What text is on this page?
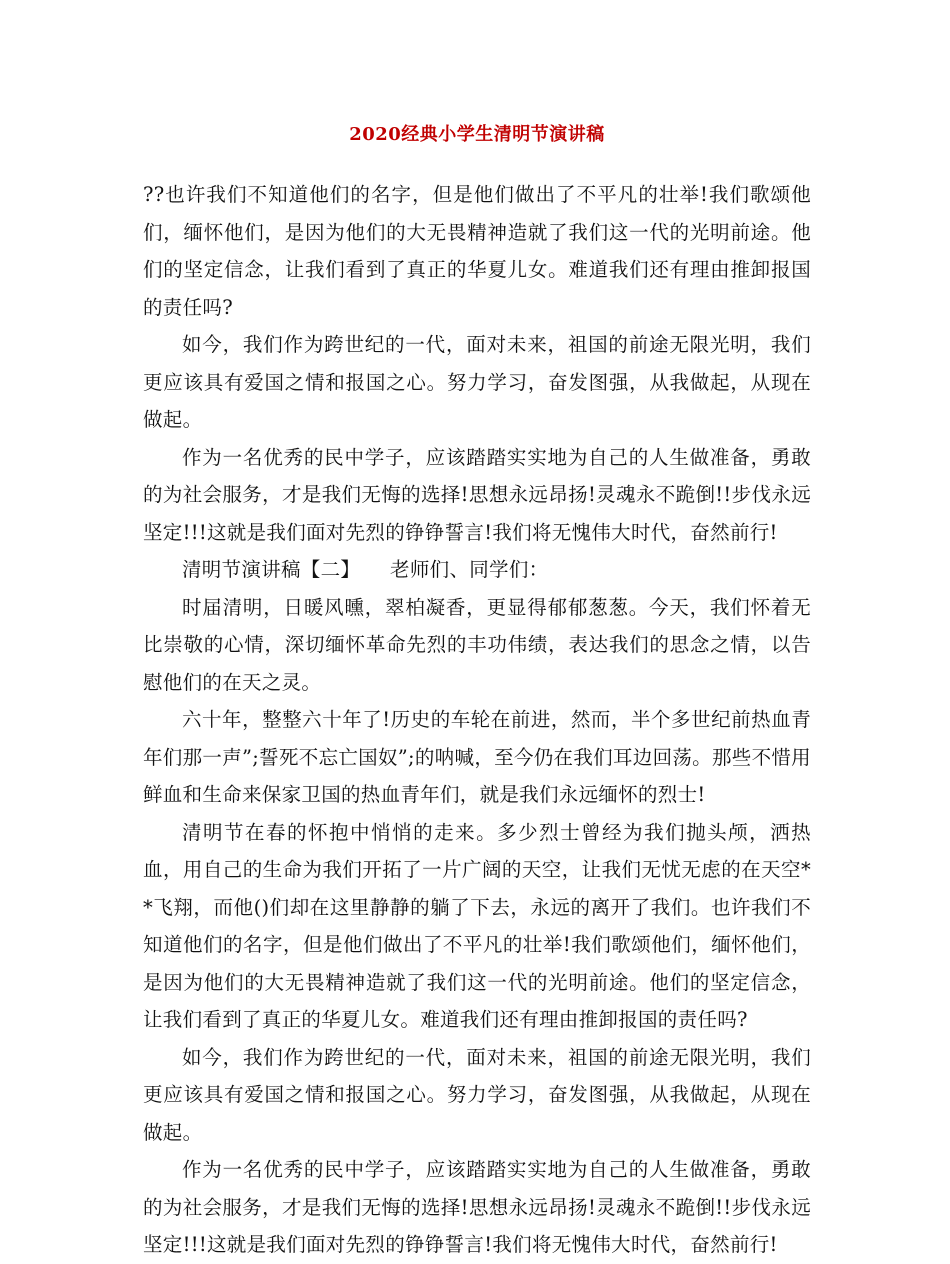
2020经典小学生清明节演讲稿

??也许我们不知道他们的名字，但是他们做出了不平凡的壮举!我们歌颂他们，缅怀他们，是因为他们的大无畏精神造就了我们这一代的光明前途。他们的坚定信念，让我们看到了真正的华夏儿女。难道我们还有理由推卸报国的责任吗?

如今，我们作为跨世纪的一代，面对未来，祖国的前途无限光明，我们更应该具有爱国之情和报国之心。努力学习，奋发图强，从我做起，从现在做起。

作为一名优秀的民中学子，应该踏踏实实地为自己的人生做准备，勇敢的为社会服务，才是我们无悔的选择!思想永远昂扬!灵魂永不跪倒!!步伐永远坚定!!!这就是我们面对先烈的铮铮誓言!我们将无愧伟大时代，奋然前行!

清明节演讲稿【二】　　老师们、同学们：

时届清明，日暖风曛，翠柏凝香，更显得郁郁葱葱。今天，我们怀着无比崇敬的心情，深切缅怀革命先烈的丰功伟绩，表达我们的思念之情，以告慰他们的在天之灵。

六十年，整整六十年了!历史的车轮在前进，然而，半个多世纪前热血青年们那一声”;誓死不忘亡国奴”;的呐喊，至今仍在我们耳边回荡。那些不惜用鲜血和生命来保家卫国的热血青年们，就是我们永远缅怀的烈士!

清明节在春的怀抱中悄悄的走来。多少烈士曾经为我们抛头颅，洒热血，用自己的生命为我们开拓了一片广阔的天空，让我们无忧无虑的在天空**飞翔，而他()们却在这里静静的躺了下去，永远的离开了我们。也许我们不知道他们的名字，但是他们做出了不平凡的壮举!我们歌颂他们，缅怀他们，是因为他们的大无畏精神造就了我们这一代的光明前途。他们的坚定信念，让我们看到了真正的华夏儿女。难道我们还有理由推卸报国的责任吗?

如今，我们作为跨世纪的一代，面对未来，祖国的前途无限光明，我们更应该具有爱国之情和报国之心。努力学习，奋发图强，从我做起，从现在做起。

作为一名优秀的民中学子，应该踏踏实实地为自己的人生做准备，勇敢的为社会服务，才是我们无悔的选择!思想永远昂扬!灵魂永不跪倒!!步伐永远坚定!!!这就是我们面对先烈的铮铮誓言!我们将无愧伟大时代，奋然前行!
